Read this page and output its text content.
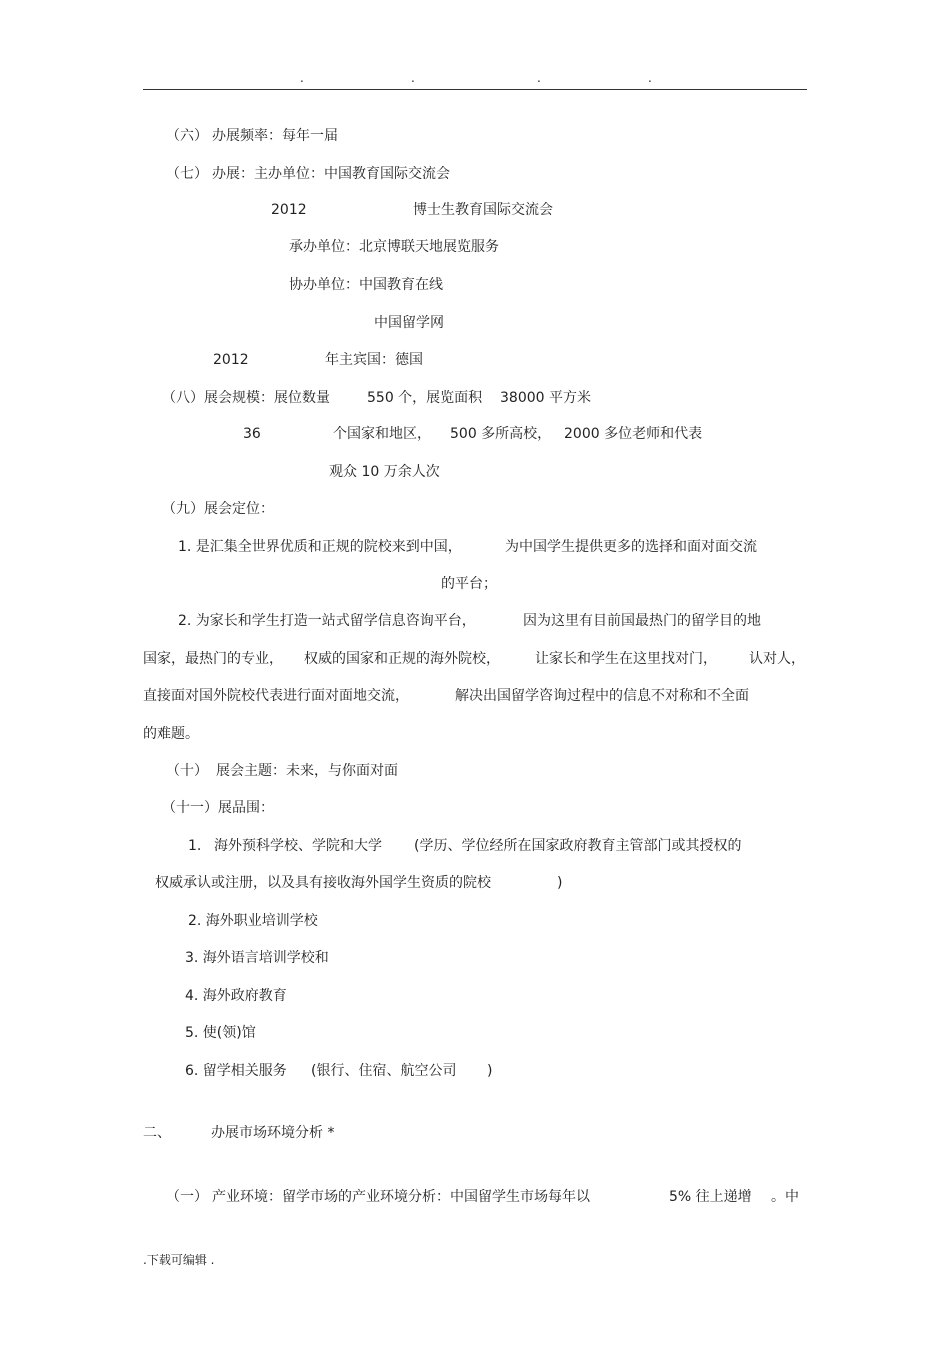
.	.	.	.
（六） 办展频率：每年一届
（七） 办展：主办单位：中国教育国际交流会
2012	博士生教育国际交流会
承办单位：北京博联天地展览服务
协办单位：中国教育在线
中国留学网
2012	年主宾国：德国
（八）展会规模：展位数量	550 个，展览面积 38000 平方米
36	个国家和地区， 500 多所高校， 2000 多位老师和代表
观众 10 万余人次
（九）展会定位：
1. 是汇集全世界优质和正规的院校来到中国，	为中国学生提供更多的选择和面对面交流
的平台；
2. 为家长和学生打造一站式留学信息咨询平台，	因为这里有目前国最热门的留学目的地
国家，最热门的专业， 权威的国家和正规的海外院校，	让家长和学生在这里找对门， 认对人，
直接面对国外院校代表进行面对面地交流，	解决出国留学咨询过程中的信息不对称和不全面
的难题。
（十） 展会主题：未来，与你面对面
（十一）展品围：
1. 海外预科学校、学院和大学 (学历、学位经所在国家政府教育主管部门或其授权的
权威承认或注册，以及具有接收海外国学生资质的院校	)
2. 海外职业培训学校
3. 海外语言培训学校和
4. 海外政府教育
5. 使(领)馆
6. 留学相关服务 (银行、住宿、航空公司 )
二、	办展市场环境分析 *
（一） 产业环境：留学市场的产业环境分析：中国留学生市场每年以	5% 往上递增 。中
.下载可编辑 .
